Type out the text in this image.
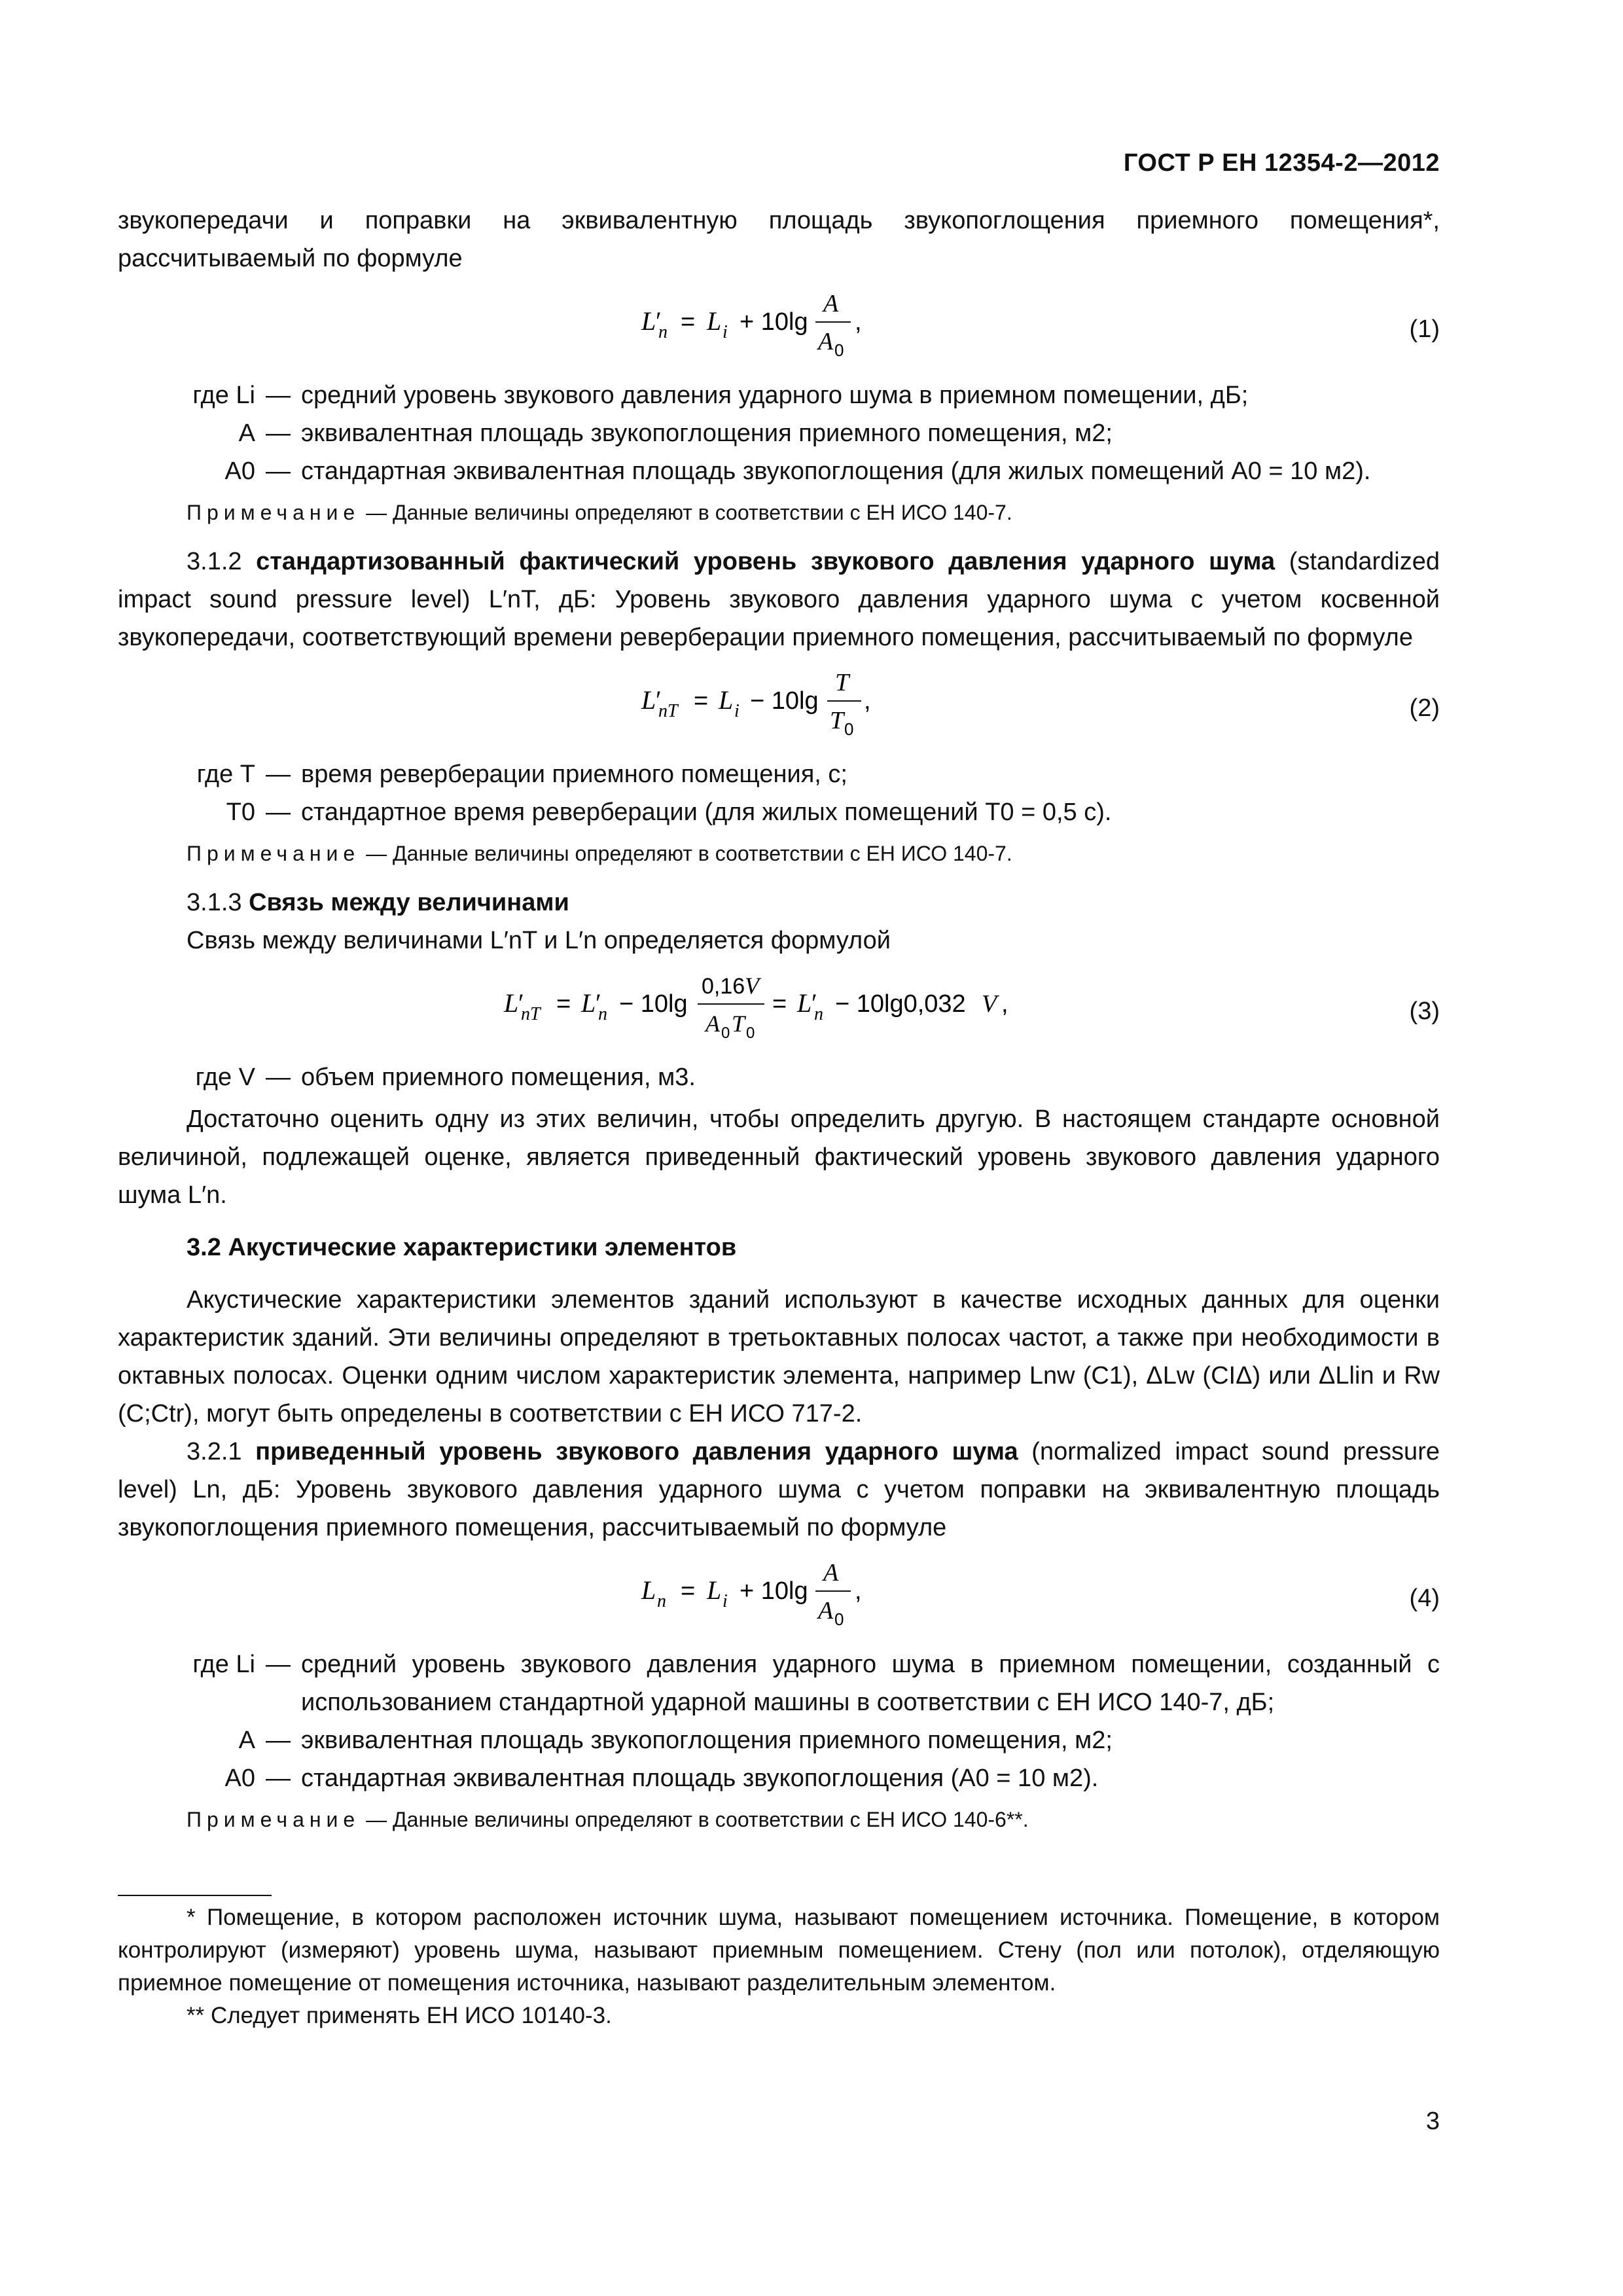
ГОСТ Р ЕН 12354-2—2012

звукопередачи и поправки на эквивалентную площадь звукопоглощения приемного помещения*, рассчитываемый по формуле

L ′
n = L i + 10lg
A
A 0
,	(1)
где Li — средний уровень звукового давления ударного шума в приемном помещении, дБ;
A — эквивалентная площадь звукопоглощения приемного помещения, м2;
A0 — стандартная эквивалентная площадь звукопоглощения (для жилых помещений A0 = 10 м2).

Примечание — Данные величины определяют в соответствии с ЕН ИСО 140-7.

3.1.2 стандартизованный фактический уровень звукового давления ударного шума (standardized impact sound pressure level) L′nT, дБ: Уровень звукового давления ударного шума с учетом косвенной звукопередачи, соответствующий времени реверберации приемного помещения, рассчитываемый по формуле

L ′
nT = L i − 10lg
T
T 0
,	(2)
где T — время реверберации приемного помещения, с;
T0 — стандартное время реверберации (для жилых помещений T0 = 0,5 с).

Примечание — Данные величины определяют в соответствии с ЕН ИСО 140-7.

3.1.3 Связь между величинами

Связь между величинами L′nT и L′n определяется формулой

L ′
nT = L ′
n − 10lg
0,16 V
A 0 T 0
= L ′
n − 10lg0,032 V ,	(3)
где V — объем приемного помещения, м3.

Достаточно оценить одну из этих величин, чтобы определить другую. В настоящем стандарте основной величиной, подлежащей оценке, является приведенный фактический уровень звукового давления ударного шума L′n.

3.2 Акустические характеристики элементов

Акустические характеристики элементов зданий используют в качестве исходных данных для оценки характеристик зданий. Эти величины определяют в третьоктавных полосах частот, а также при необходимости в октавных полосах. Оценки одним числом характеристик элемента, например Lnw (C1), ΔLw (CIΔ) или ΔLlin и Rw (C;Ctr), могут быть определены в соответствии с ЕН ИСО 717-2.

3.2.1 приведенный уровень звукового давления ударного шума (normalized impact sound pressure level) Ln, дБ: Уровень звукового давления ударного шума с учетом поправки на эквивалентную площадь звукопоглощения приемного помещения, рассчитываемый по формуле

L n = L i + 10lg
A
A 0
,	(4)
где Li — средний уровень звукового давления ударного шума в приемном помещении, созданный с использованием стандартной ударной машины в соответствии с ЕН ИСО 140-7, дБ;
A — эквивалентная площадь звукопоглощения приемного помещения, м2;
A0 — стандартная эквивалентная площадь звукопоглощения (A0 = 10 м2).

Примечание — Данные величины определяют в соответствии с ЕН ИСО 140-6**.

* Помещение, в котором расположен источник шума, называют помещением источника. Помещение, в котором контролируют (измеряют) уровень шума, называют приемным помещением. Стену (пол или потолок), отделяющую приемное помещение от помещения источника, называют разделительным элементом.

** Следует применять ЕН ИСО 10140-3.

3
